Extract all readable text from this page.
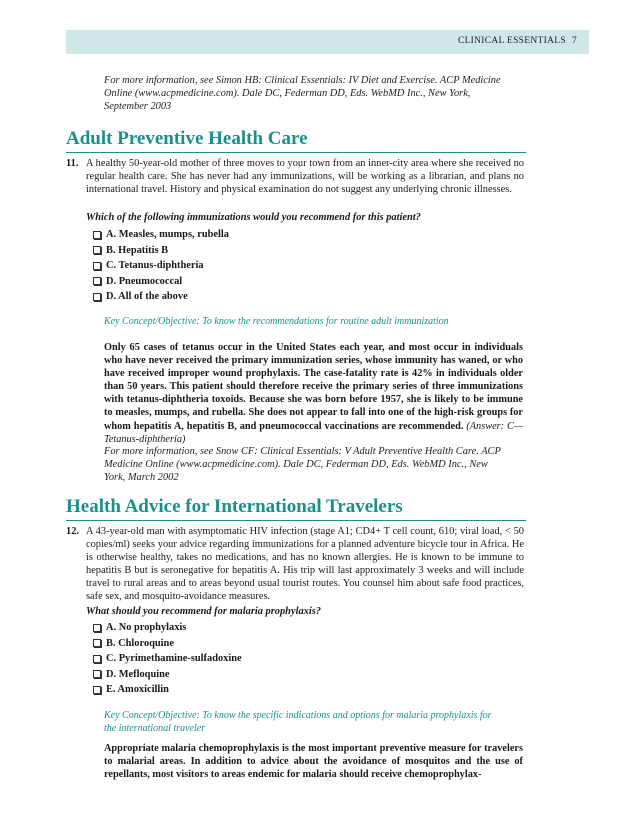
CLINICAL ESSENTIALS 7
For more information, see Simon HB: Clinical Essentials: IV Diet and Exercise. ACP Medicine Online (www.acpmedicine.com). Dale DC, Federman DD, Eds. WebMD Inc., New York, September 2003
Adult Preventive Health Care
11. A healthy 50-year-old mother of three moves to your town from an inner-city area where she received no regular health care. She has never had any immunizations, will be working as a librarian, and plans no international travel. History and physical examination do not suggest any underlying chronic illnesses.
Which of the following immunizations would you recommend for this patient?
A. Measles, mumps, rubella
B. Hepatitis B
C. Tetanus-diphtheria
D. Pneumococcal
D. All of the above
Key Concept/Objective: To know the recommendations for routine adult immunization
Only 65 cases of tetanus occur in the United States each year, and most occur in individuals who have never received the primary immunization series, whose immunity has waned, or who have received improper wound prophylaxis. The case-fatality rate is 42% in individuals older than 50 years. This patient should therefore receive the primary series of three immunizations with tetanus-diphtheria toxoids. Because she was born before 1957, she is likely to be immune to measles, mumps, and rubella. She does not appear to fall into one of the high-risk groups for whom hepatitis A, hepatitis B, and pneumococcal vaccinations are recommended. (Answer: C—Tetanus-diphtheria)
For more information, see Snow CF: Clinical Essentials: V Adult Preventive Health Care. ACP Medicine Online (www.acpmedicine.com). Dale DC, Federman DD, Eds. WebMD Inc., New York, March 2002
Health Advice for International Travelers
12. A 43-year-old man with asymptomatic HIV infection (stage A1; CD4+ T cell count, 610; viral load, < 50 copies/ml) seeks your advice regarding immunizations for a planned adventure bicycle tour in Africa. He is otherwise healthy, takes no medications, and has no known allergies. He is known to be immune to hepatitis B but is seronegative for hepatitis A. His trip will last approximately 3 weeks and will include travel to rural areas and to areas beyond usual tourist routes. You counsel him about safe food practices, safe sex, and mosquito-avoidance measures.
What should you recommend for malaria prophylaxis?
A. No prophylaxis
B. Chloroquine
C. Pyrimethamine-sulfadoxine
D. Mefloquine
E. Amoxicillin
Key Concept/Objective: To know the specific indications and options for malaria prophylaxis for the international traveler
Appropriate malaria chemoprophylaxis is the most important preventive measure for travelers to malarial areas. In addition to advice about the avoidance of mosquitos and the use of repellants, most visitors to areas endemic for malaria should receive chemoprophylax-
